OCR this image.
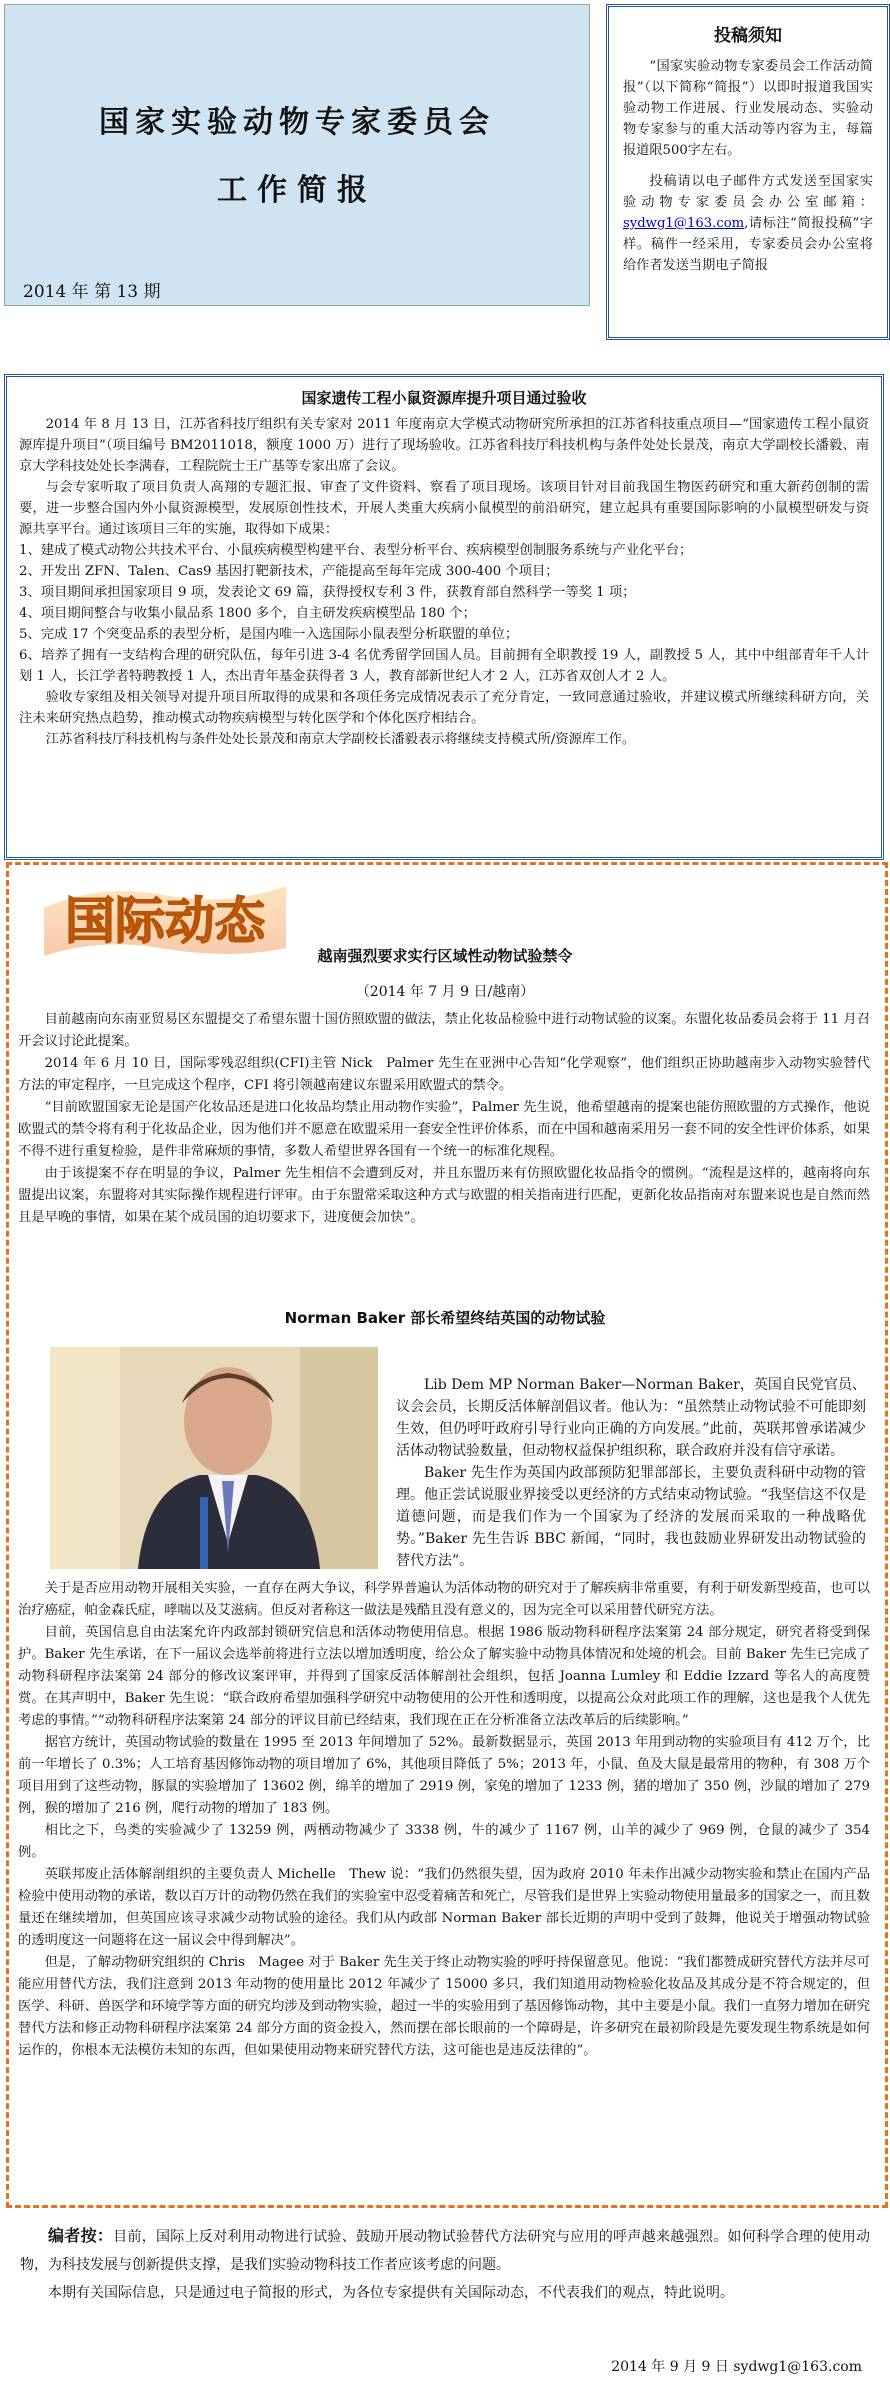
国家实验动物专家委员会
工作简报
2014 年 第 13 期
投稿须知

“国家实验动物专家委员会工作活动简报”（以下简称“简报”）以即时报道我国实验动物工作进展、行业发展动态、实验动物专家参与的重大活动等内容为主，每篇报道限500字左右。

投稿请以电子邮件方式发送至国家实验动物专家委员会办公室邮箱：sydwg1@163.com,请标注“简报投稿”字样。稿件一经采用，专家委员会办公室将给作者发送当期电子简报

国家遗传工程小鼠资源库提升项目通过验收

2014 年 8 月 13 日，江苏省科技厅组织有关专家对 2011 年度南京大学模式动物研究所承担的江苏省科技重点项目—“国家遗传工程小鼠资源库提升项目”（项目编号 BM2011018，额度 1000 万）进行了现场验收。江苏省科技厅科技机构与条件处处长景茂，南京大学副校长潘毅、南京大学科技处处长李满春，工程院院士王广基等专家出席了会议。

与会专家听取了项目负责人高翔的专题汇报、审查了文件资料、察看了项目现场。该项目针对目前我国生物医药研究和重大新药创制的需要，进一步整合国内外小鼠资源模型，发展原创性技术，开展人类重大疾病小鼠模型的前沿研究，建立起具有重要国际影响的小鼠模型研发与资源共享平台。通过该项目三年的实施，取得如下成果：

1、建成了模式动物公共技术平台、小鼠疾病模型构建平台、表型分析平台、疾病模型创制服务系统与产业化平台；

2、开发出 ZFN、Talen、Cas9 基因打靶新技术，产能提高至每年完成 300-400 个项目；

3、项目期间承担国家项目 9 项，发表论文 69 篇，获得授权专利 3 件，获教育部自然科学一等奖 1 项；

4、项目期间整合与收集小鼠品系 1800 多个，自主研发疾病模型品 180 个；

5、完成 17 个突变品系的表型分析，是国内唯一入选国际小鼠表型分析联盟的单位；

6、培养了拥有一支结构合理的研究队伍，每年引进 3-4 名优秀留学回国人员。目前拥有全职教授 19 人，副教授 5 人，其中中组部青年千人计划 1 人，长江学者特聘教授 1 人，杰出青年基金获得者 3 人，教育部新世纪人才 2 人，江苏省双创人才 2 人。

验收专家组及相关领导对提升项目所取得的成果和各项任务完成情况表示了充分肯定，一致同意通过验收，并建议模式所继续科研方向，关注未来研究热点趋势，推动模式动物疾病模型与转化医学和个体化医疗相结合。

江苏省科技厅科技机构与条件处处长景茂和南京大学副校长潘毅表示将继续支持模式所/资源库工作。

国际动态
越南强烈要求实行区域性动物试验禁令
（2014 年 7 月 9 日/越南）

目前越南向东南亚贸易区东盟提交了希望东盟十国仿照欧盟的做法，禁止化妆品检验中进行动物试验的议案。东盟化妆品委员会将于 11 月召开会议讨论此提案。

2014 年 6 月 10 日，国际零残忍组织(CFI)主管 Nick　Palmer 先生在亚洲中心告知“化学观察”，他们组织正协助越南步入动物实验替代方法的审定程序，一旦完成这个程序，CFI 将引领越南建议东盟采用欧盟式的禁令。

“目前欧盟国家无论是国产化妆品还是进口化妆品均禁止用动物作实验”，Palmer 先生说，他希望越南的提案也能仿照欧盟的方式操作，他说欧盟式的禁令将有利于化妆品企业，因为他们并不愿意在欧盟采用一套安全性评价体系，而在中国和越南采用另一套不同的安全性评价体系，如果不得不进行重复检验，是件非常麻烦的事情，多数人希望世界各国有一个统一的标准化规程。

由于该提案不存在明显的争议，Palmer 先生相信不会遭到反对，并且东盟历来有仿照欧盟化妆品指令的惯例。“流程是这样的，越南将向东盟提出议案，东盟将对其实际操作规程进行评审。由于东盟常采取这种方式与欧盟的相关指南进行匹配，更新化妆品指南对东盟来说也是自然而然且是早晚的事情，如果在某个成员国的迫切要求下，进度便会加快”。

Norman Baker 部长希望终结英国的动物试验

Lib Dem MP Norman Baker—Norman Baker，英国自民党官员、议会会员，长期反活体解剖倡议者。他认为：“虽然禁止动物试验不可能即刻生效，但仍呼吁政府引导行业向正确的方向发展。”此前，英联邦曾承诺减少活体动物试验数量，但动物权益保护组织称，联合政府并没有信守承诺。

Baker 先生作为英国内政部预防犯罪部部长，主要负责科研中动物的管理。他正尝试说服业界接受以更经济的方式结束动物试验。“我坚信这不仅是道德问题，而是我们作为一个国家为了经济的发展而采取的一种战略优势。”Baker 先生告诉 BBC 新闻，“同时，我也鼓励业界研发出动物试验的替代方法”。

关于是否应用动物开展相关实验，一直存在两大争议，科学界普遍认为活体动物的研究对于了解疾病非常重要，有利于研发新型疫苗，也可以治疗癌症，帕金森氏症，哮喘以及艾滋病。但反对者称这一做法是残酷且没有意义的，因为完全可以采用替代研究方法。

目前，英国信息自由法案允许内政部封锁研究信息和活体动物使用信息。根据 1986 版动物科研程序法案第 24 部分规定，研究者将受到保护。Baker 先生承诺，在下一届议会选举前将进行立法以增加透明度，给公众了解实验中动物具体情况和处境的机会。目前 Baker 先生已完成了动物科研程序法案第 24 部分的修改议案评审，并得到了国家反活体解剖社会组织，包括 Joanna Lumley 和 Eddie Izzard 等名人的高度赞赏。在其声明中，Baker 先生说：“联合政府希望加强科学研究中动物使用的公开性和透明度，以提高公众对此项工作的理解，这也是我个人优先考虑的事情。”“动物科研程序法案第 24 部分的评议目前已经结束，我们现在正在分析准备立法改革后的后续影响。”

据官方统计，英国动物试验的数量在 1995 至 2013 年间增加了 52%。最新数据显示，英国 2013 年用到动物的实验项目有 412 万个，比前一年增长了 0.3%；人工培育基因修饰动物的项目增加了 6%，其他项目降低了 5%；2013 年，小鼠、鱼及大鼠是最常用的物种，有 308 万个项目用到了这些动物，豚鼠的实验增加了 13602 例，绵羊的增加了 2919 例，家兔的增加了 1233 例，猪的增加了 350 例，沙鼠的增加了 279 例，猴的增加了 216 例，爬行动物的增加了 183 例。

相比之下，鸟类的实验减少了 13259 例，两栖动物减少了 3338 例，牛的减少了 1167 例，山羊的减少了 969 例，仓鼠的减少了 354 例。

英联邦废止活体解剖组织的主要负责人 Michelle　Thew 说：“我们仍然很失望，因为政府 2010 年未作出减少动物实验和禁止在国内产品检验中使用动物的承诺，数以百万计的动物仍然在我们的实验室中忍受着痛苦和死亡，尽管我们是世界上实验动物使用量最多的国家之一，而且数量还在继续增加，但英国应该寻求减少动物试验的途径。我们从内政部 Norman Baker 部长近期的声明中受到了鼓舞，他说关于增强动物试验的透明度这一问题将在这一届议会中得到解决”。

但是，了解动物研究组织的 Chris　Magee 对于 Baker 先生关于终止动物实验的呼吁持保留意见。他说：“我们都赞成研究替代方法并尽可能应用替代方法，我们注意到 2013 年动物的使用量比 2012 年减少了 15000 多只，我们知道用动物检验化妆品及其成分是不符合规定的，但医学、科研、兽医学和环境学等方面的研究均涉及到动物实验，超过一半的实验用到了基因修饰动物，其中主要是小鼠。我们一直努力增加在研究替代方法和修正动物科研程序法案第 24 部分方面的资金投入，然而摆在部长眼前的一个障碍是，许多研究在最初阶段是先要发现生物系统是如何运作的，你根本无法模仿未知的东西，但如果使用动物来研究替代方法，这可能也是违反法律的”。

编者按：目前，国际上反对利用动物进行试验、鼓励开展动物试验替代方法研究与应用的呼声越来越强烈。如何科学合理的使用动物，为科技发展与创新提供支撑，是我们实验动物科技工作者应该考虑的问题。

本期有关国际信息，只是通过电子简报的形式，为各位专家提供有关国际动态，不代表我们的观点，特此说明。

2014 年 9 月 9 日 sydwg1@163.com
